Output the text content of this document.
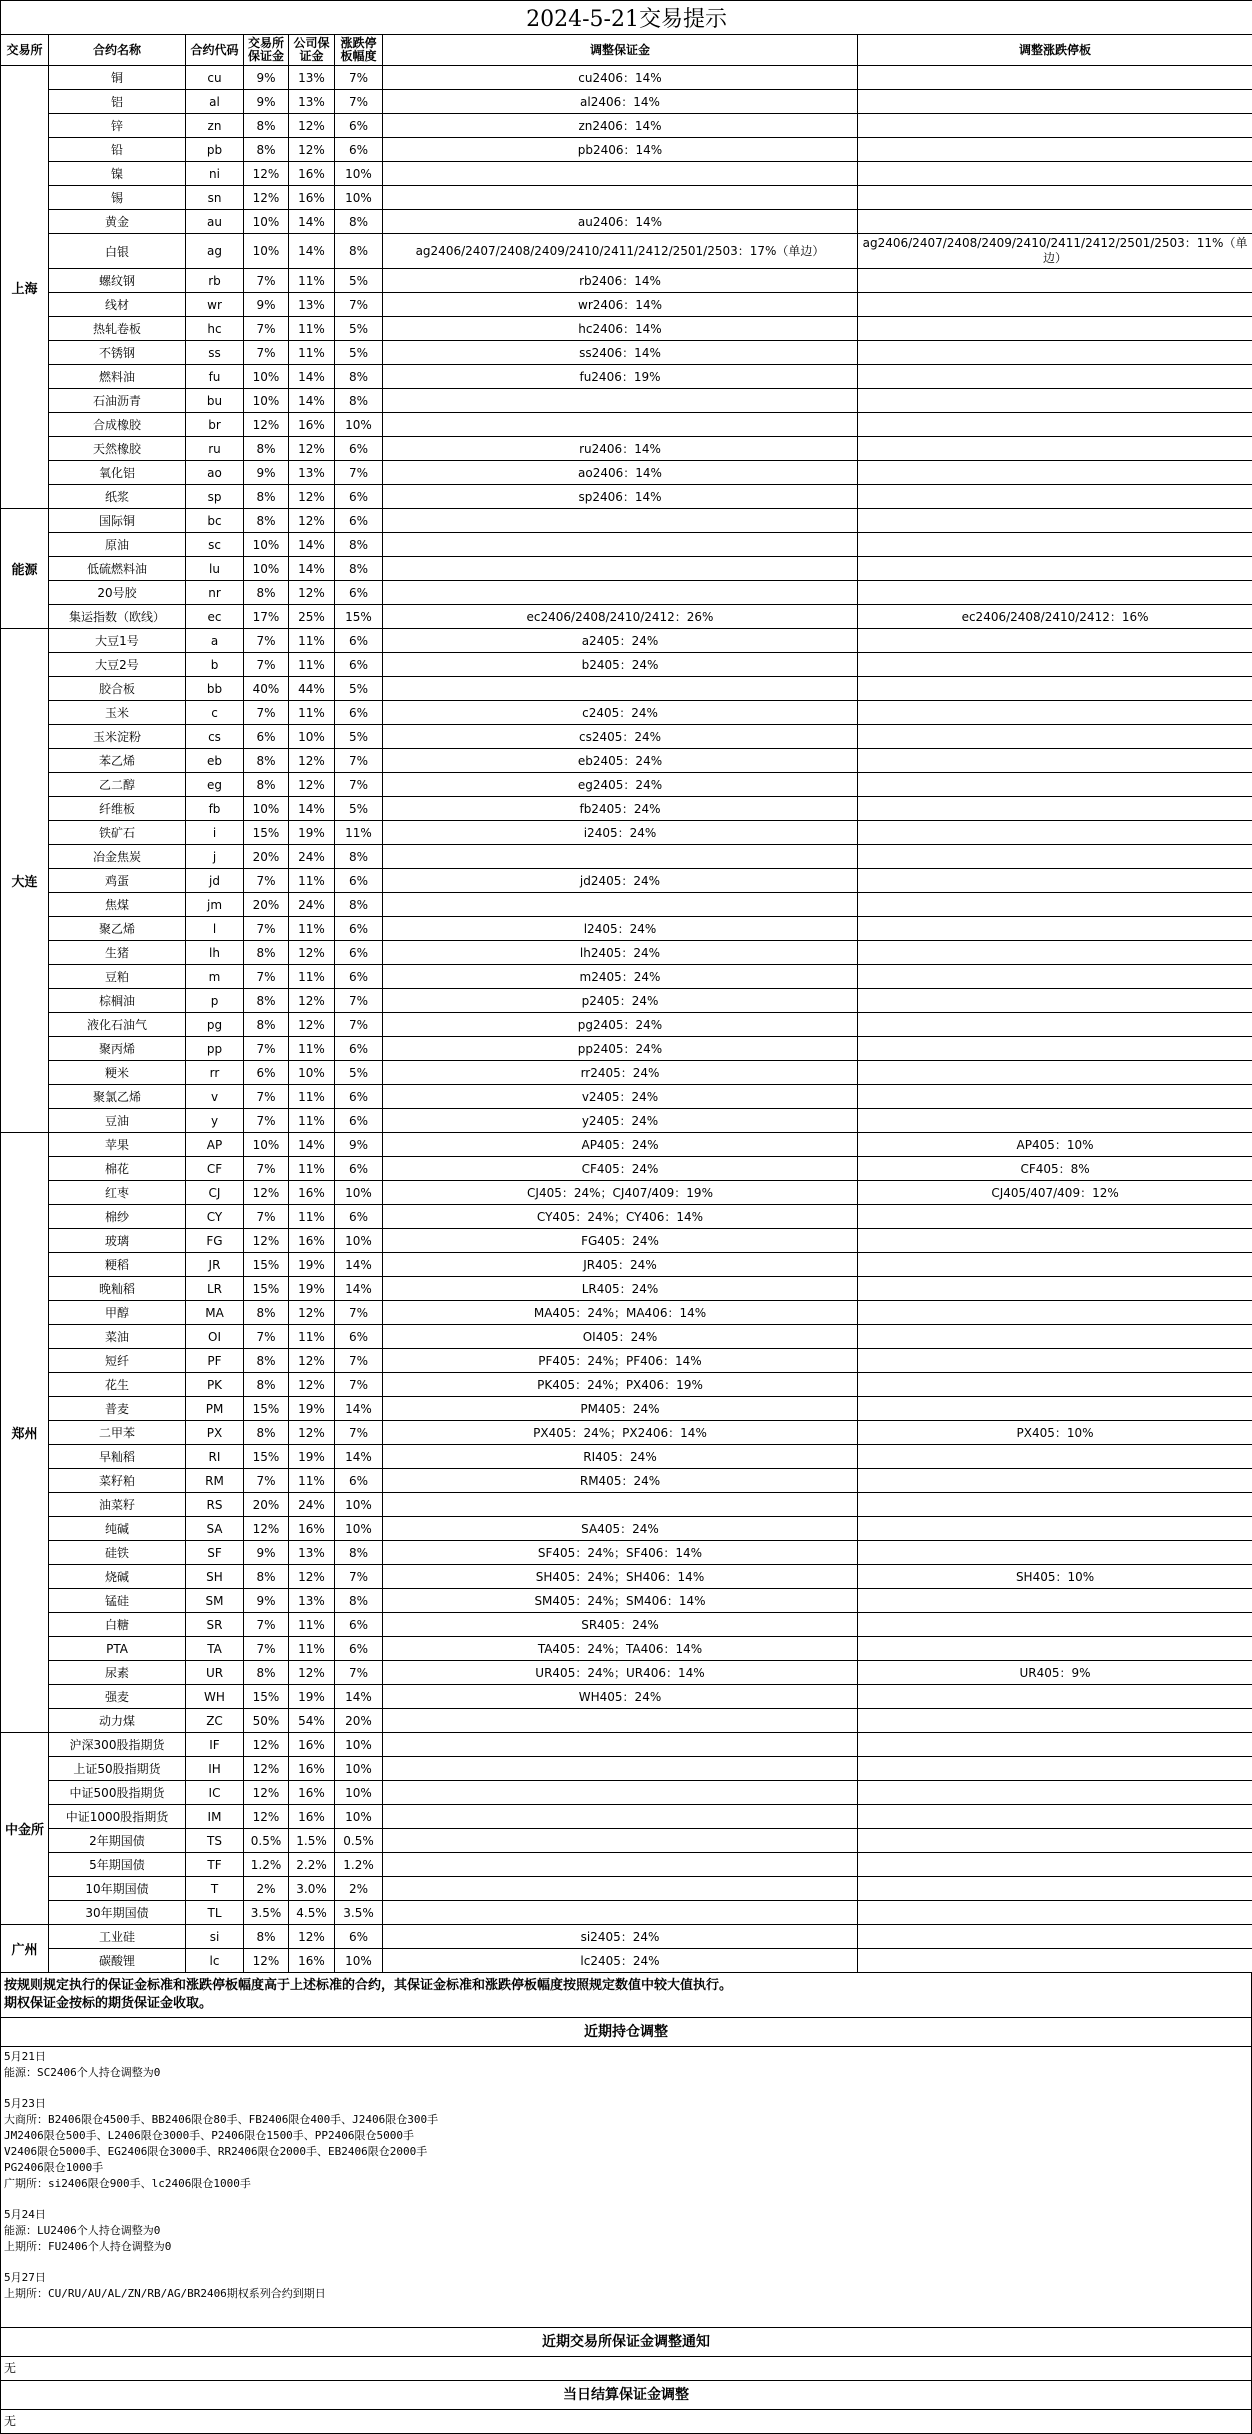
2024-5-21交易提示							
交易所	合约名称	合约代码	交易所保证金	公司保证金	涨跌停板幅度	调整保证金	调整涨跌停板
上海	铜	cu	9%	13%	7%	cu2406：14%	
	铝	al	9%	13%	7%	al2406：14%	
	锌	zn	8%	12%	6%	zn2406：14%	
	铅	pb	8%	12%	6%	pb2406：14%	
	镍	ni	12%	16%	10%		
	锡	sn	12%	16%	10%		
	黄金	au	10%	14%	8%	au2406：14%	
	白银	ag	10%	14%	8%	ag2406/2407/2408/2409/2410/2411/2412/2501/2503：17%（单边）	ag2406/2407/2408/2409/2410/2411/2412/2501/2503：11%（单边）
	螺纹钢	rb	7%	11%	5%	rb2406：14%	
	线材	wr	9%	13%	7%	wr2406：14%	
	热轧卷板	hc	7%	11%	5%	hc2406：14%	
	不锈钢	ss	7%	11%	5%	ss2406：14%	
	燃料油	fu	10%	14%	8%	fu2406：19%	
	石油沥青	bu	10%	14%	8%		
	合成橡胶	br	12%	16%	10%		
	天然橡胶	ru	8%	12%	6%	ru2406：14%	
	氧化铝	ao	9%	13%	7%	ao2406：14%	
	纸浆	sp	8%	12%	6%	sp2406：14%	
能源	国际铜	bc	8%	12%	6%		
	原油	sc	10%	14%	8%		
	低硫燃料油	lu	10%	14%	8%		
	20号胶	nr	8%	12%	6%		
	集运指数（欧线）	ec	17%	25%	15%	ec2406/2408/2410/2412：26%	ec2406/2408/2410/2412：16%
大连	大豆1号	a	7%	11%	6%	a2405：24%	
	大豆2号	b	7%	11%	6%	b2405：24%	
	胶合板	bb	40%	44%	5%		
	玉米	c	7%	11%	6%	c2405：24%	
	玉米淀粉	cs	6%	10%	5%	cs2405：24%	
	苯乙烯	eb	8%	12%	7%	eb2405：24%	
	乙二醇	eg	8%	12%	7%	eg2405：24%	
	纤维板	fb	10%	14%	5%	fb2405：24%	
	铁矿石	i	15%	19%	11%	i2405：24%	
	冶金焦炭	j	20%	24%	8%		
	鸡蛋	jd	7%	11%	6%	jd2405：24%	
	焦煤	jm	20%	24%	8%		
	聚乙烯	l	7%	11%	6%	l2405：24%	
	生猪	lh	8%	12%	6%	lh2405：24%	
	豆粕	m	7%	11%	6%	m2405：24%	
	棕榈油	p	8%	12%	7%	p2405：24%	
	液化石油气	pg	8%	12%	7%	pg2405：24%	
	聚丙烯	pp	7%	11%	6%	pp2405：24%	
	粳米	rr	6%	10%	5%	rr2405：24%	
	聚氯乙烯	v	7%	11%	6%	v2405：24%	
	豆油	y	7%	11%	6%	y2405：24%	
郑州	苹果	AP	10%	14%	9%	AP405：24%	AP405：10%
	棉花	CF	7%	11%	6%	CF405：24%	CF405：8%
	红枣	CJ	12%	16%	10%	CJ405：24%；CJ407/409：19%	CJ405/407/409：12%
	棉纱	CY	7%	11%	6%	CY405：24%；CY406：14%	
	玻璃	FG	12%	16%	10%	FG405：24%	
	粳稻	JR	15%	19%	14%	JR405：24%	
	晚籼稻	LR	15%	19%	14%	LR405：24%	
	甲醇	MA	8%	12%	7%	MA405：24%；MA406：14%	
	菜油	OI	7%	11%	6%	OI405：24%	
	短纤	PF	8%	12%	7%	PF405：24%；PF406：14%	
	花生	PK	8%	12%	7%	PK405：24%；PX406：19%	
	普麦	PM	15%	19%	14%	PM405：24%	
	二甲苯	PX	8%	12%	7%	PX405：24%；PX2406：14%	PX405：10%
	早籼稻	RI	15%	19%	14%	RI405：24%	
	菜籽粕	RM	7%	11%	6%	RM405：24%	
	油菜籽	RS	20%	24%	10%		
	纯碱	SA	12%	16%	10%	SA405：24%	
	硅铁	SF	9%	13%	8%	SF405：24%；SF406：14%	
	烧碱	SH	8%	12%	7%	SH405：24%；SH406：14%	SH405：10%
	锰硅	SM	9%	13%	8%	SM405：24%；SM406：14%	
	白糖	SR	7%	11%	6%	SR405：24%	
	PTA	TA	7%	11%	6%	TA405：24%；TA406：14%	
	尿素	UR	8%	12%	7%	UR405：24%；UR406：14%	UR405：9%
	强麦	WH	15%	19%	14%	WH405：24%	
	动力煤	ZC	50%	54%	20%		
中金所	沪深300股指期货	IF	12%	16%	10%		
	上证50股指期货	IH	12%	16%	10%		
	中证500股指期货	IC	12%	16%	10%		
	中证1000股指期货	IM	12%	16%	10%		
	2年期国债	TS	0.5%	1.5%	0.5%		
	5年期国债	TF	1.2%	2.2%	1.2%		
	10年期国债	T	2%	3.0%	2%		
	30年期国债	TL	3.5%	4.5%	3.5%		
广州	工业硅	si	8%	12%	6%	si2405：24%	
	碳酸锂	lc	12%	16%	10%	lc2405：24%	
按规则规定执行的保证金标准和涨跌停板幅度高于上述标准的合约，其保证金标准和涨跌停板幅度按照规定数值中较大值执行。
期权保证金按标的期货保证金收取。
近期持仓调整
5月21日
能源：SC2406个人持仓调整为0
5月23日
大商所：B2406限仓4500手、BB2406限仓80手、FB2406限仓400手、J2406限仓300手
JM2406限仓500手、L2406限仓3000手、P2406限仓1500手、PP2406限仓5000手
V2406限仓5000手、EG2406限仓3000手、RR2406限仓2000手、EB2406限仓2000手
PG2406限仓1000手
广期所：si2406限仓900手、lc2406限仓1000手
5月24日
能源：LU2406个人持仓调整为0
上期所：FU2406个人持仓调整为0
5月27日
上期所：CU/RU/AU/AL/ZN/RB/AG/BR2406期权系列合约到期日
近期交易所保证金调整通知
无
当日结算保证金调整
无
